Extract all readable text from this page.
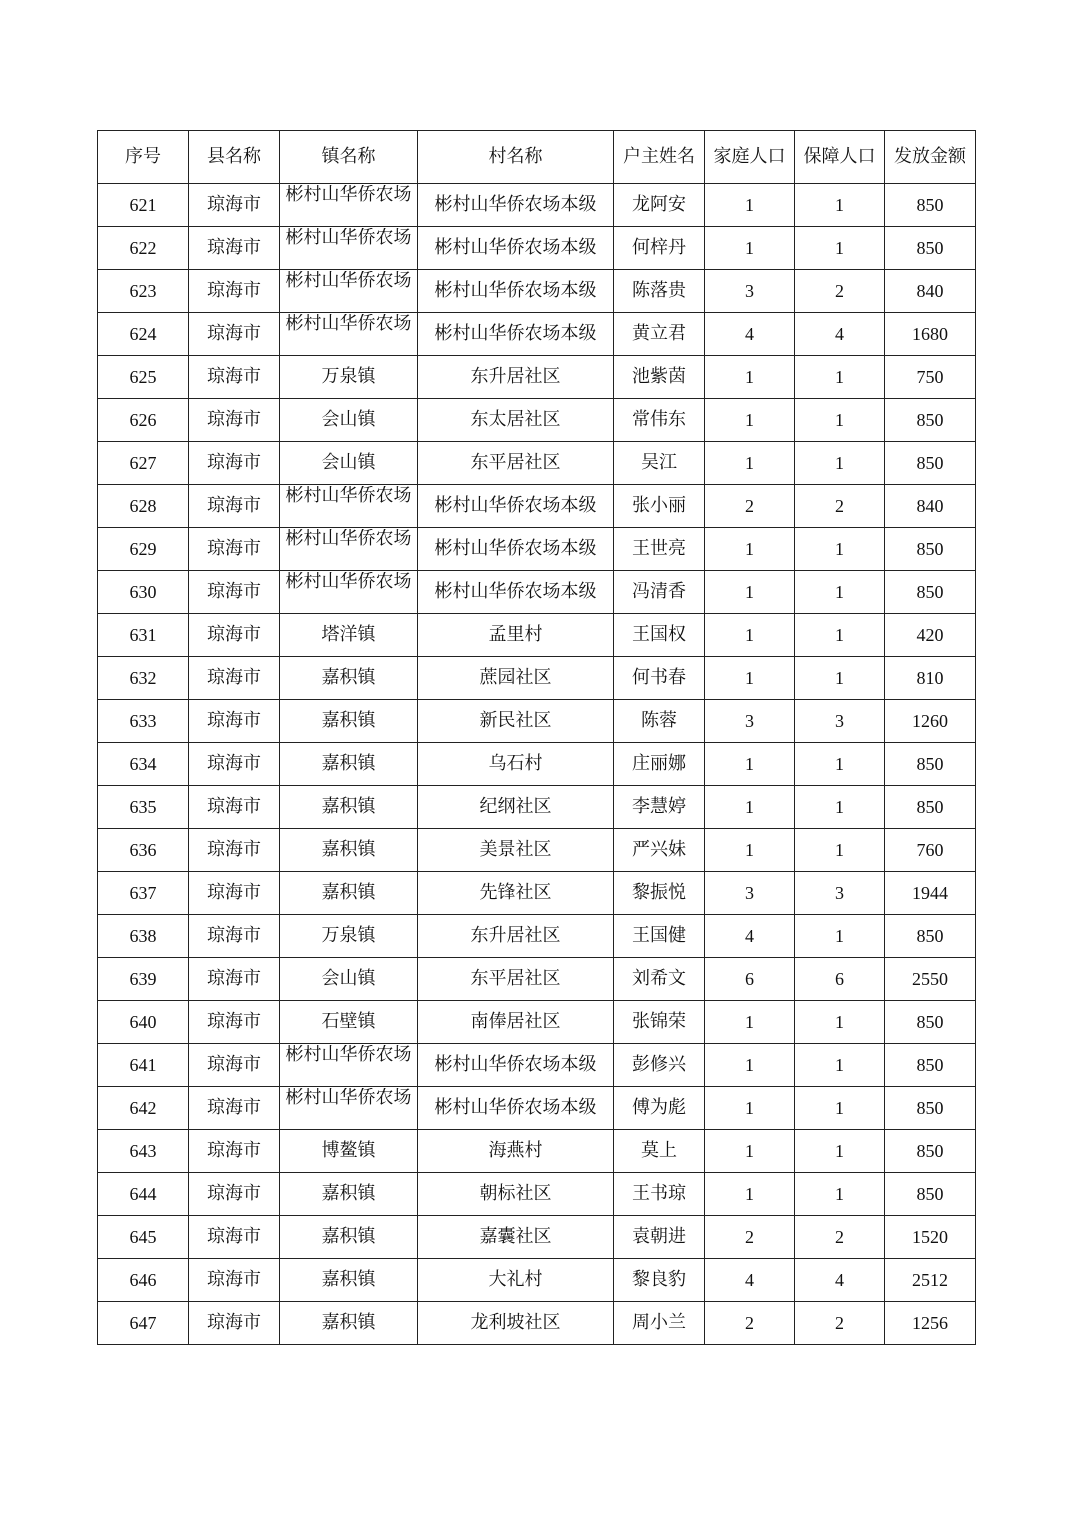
序号	县名称	镇名称	村名称	户主姓名	家庭人口	保障人口	发放金额
621	琼海市	彬村山华侨农场	彬村山华侨农场本级	龙阿安	1	1	850
622	琼海市	彬村山华侨农场	彬村山华侨农场本级	何梓丹	1	1	850
623	琼海市	彬村山华侨农场	彬村山华侨农场本级	陈落贵	3	2	840
624	琼海市	彬村山华侨农场	彬村山华侨农场本级	黄立君	4	4	1680
625	琼海市	万泉镇	东升居社区	池紫茵	1	1	750
626	琼海市	会山镇	东太居社区	常伟东	1	1	850
627	琼海市	会山镇	东平居社区	吴江	1	1	850
628	琼海市	彬村山华侨农场	彬村山华侨农场本级	张小丽	2	2	840
629	琼海市	彬村山华侨农场	彬村山华侨农场本级	王世亮	1	1	850
630	琼海市	彬村山华侨农场	彬村山华侨农场本级	冯清香	1	1	850
631	琼海市	塔洋镇	孟里村	王国权	1	1	420
632	琼海市	嘉积镇	蔗园社区	何书春	1	1	810
633	琼海市	嘉积镇	新民社区	陈蓉	3	3	1260
634	琼海市	嘉积镇	乌石村	庄丽娜	1	1	850
635	琼海市	嘉积镇	纪纲社区	李慧婷	1	1	850
636	琼海市	嘉积镇	美景社区	严兴妹	1	1	760
637	琼海市	嘉积镇	先锋社区	黎振悦	3	3	1944
638	琼海市	万泉镇	东升居社区	王国健	4	1	850
639	琼海市	会山镇	东平居社区	刘希文	6	6	2550
640	琼海市	石壁镇	南俸居社区	张锦荣	1	1	850
641	琼海市	彬村山华侨农场	彬村山华侨农场本级	彭修兴	1	1	850
642	琼海市	彬村山华侨农场	彬村山华侨农场本级	傅为彪	1	1	850
643	琼海市	博鳌镇	海燕村	莫上	1	1	850
644	琼海市	嘉积镇	朝标社区	王书琼	1	1	850
645	琼海市	嘉积镇	嘉囊社区	袁朝进	2	2	1520
646	琼海市	嘉积镇	大礼村	黎良豹	4	4	2512
647	琼海市	嘉积镇	龙利坡社区	周小兰	2	2	1256
